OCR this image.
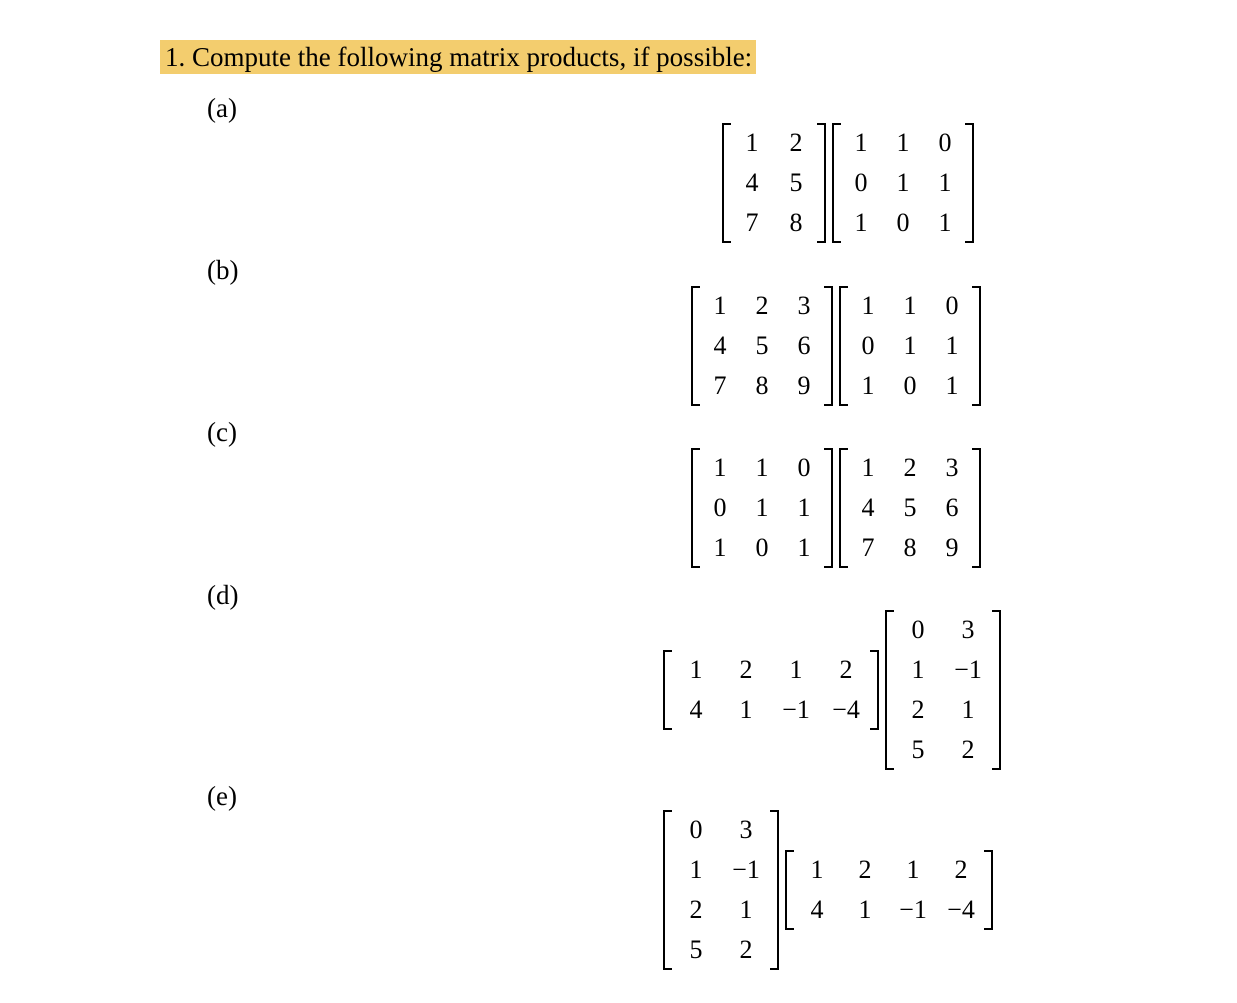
1. Compute the following matrix products, if possible:
(a)
1 2
4 5
7 8
1 1 0
0 1 1
1 0 1
(b)
1 2 3
4 5 6
7 8 9
1 1 0
0 1 1
1 0 1
(c)
1 1 0
0 1 1
1 0 1
1 2 3
4 5 6
7 8 9
(d)
1 2 1 2
4 1 −1 −4
0 3
1 −1
2 1
5 2
(e)
0 3
1 −1
2 1
5 2
1 2 1 2
4 1 −1 −4
